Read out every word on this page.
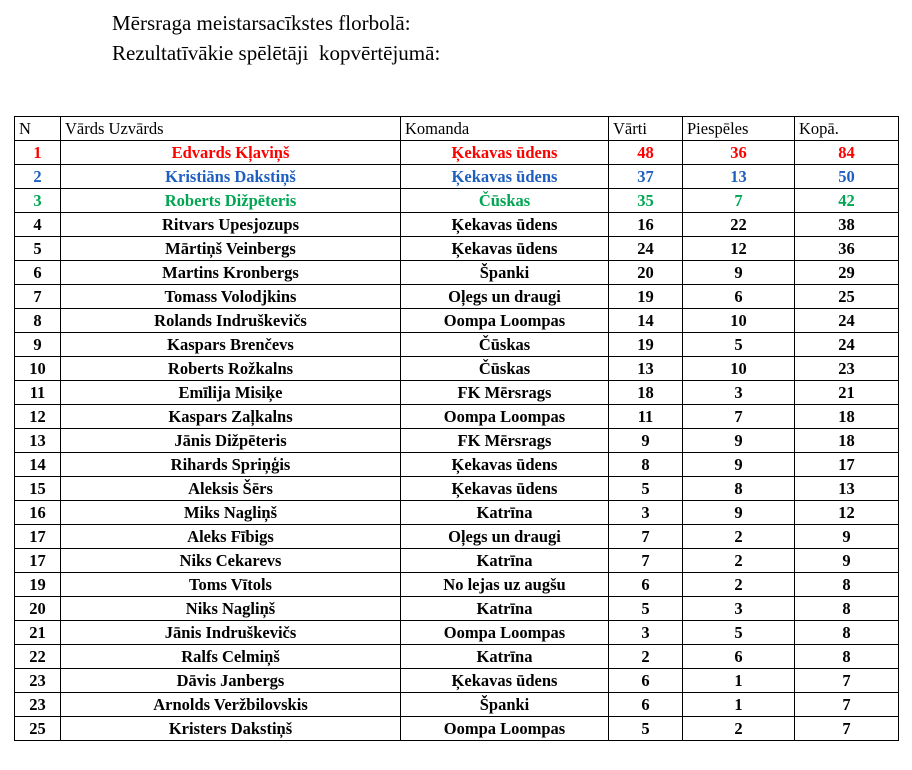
Mērsraga meistarsacīkstes florbolā:
Rezultatīvākie spēlētāji  kopvērtējumā:
N	Vārds Uzvārds	Komanda	Vārti	Piespēles	Kopā.
1	Edvards Kļaviņš	Ķekavas ūdens	48	36	84
2	Kristiāns Dakstiņš	Ķekavas ūdens	37	13	50
3	Roberts Dižpēteris	Čūskas	35	7	42
4	Ritvars Upesjozups	Ķekavas ūdens	16	22	38
5	Mārtiņš Veinbergs	Ķekavas ūdens	24	12	36
6	Martins Kronbergs	Španki	20	9	29
7	Tomass Volodjkins	Oļegs un draugi	19	6	25
8	Rolands Indruškevičs	Oompa Loompas	14	10	24
9	Kaspars Brenčevs	Čūskas	19	5	24
10	Roberts Rožkalns	Čūskas	13	10	23
11	Emīlija Misiķe	FK Mērsrags	18	3	21
12	Kaspars Zaļkalns	Oompa Loompas	11	7	18
13	Jānis Dižpēteris	FK Mērsrags	9	9	18
14	Rihards Spriņģis	Ķekavas ūdens	8	9	17
15	Aleksis Šērs	Ķekavas ūdens	5	8	13
16	Miks Nagliņš	Katrīna	3	9	12
17	Aleks Fībigs	Oļegs un draugi	7	2	9
17	Niks Cekarevs	Katrīna	7	2	9
19	Toms Vītols	No lejas uz augšu	6	2	8
20	Niks Nagliņš	Katrīna	5	3	8
21	Jānis Indruškevičs	Oompa Loompas	3	5	8
22	Ralfs Celmiņš	Katrīna	2	6	8
23	Dāvis Janbergs	Ķekavas ūdens	6	1	7
23	Arnolds Veržbilovskis	Španki	6	1	7
25	Kristers Dakstiņš	Oompa Loompas	5	2	7
